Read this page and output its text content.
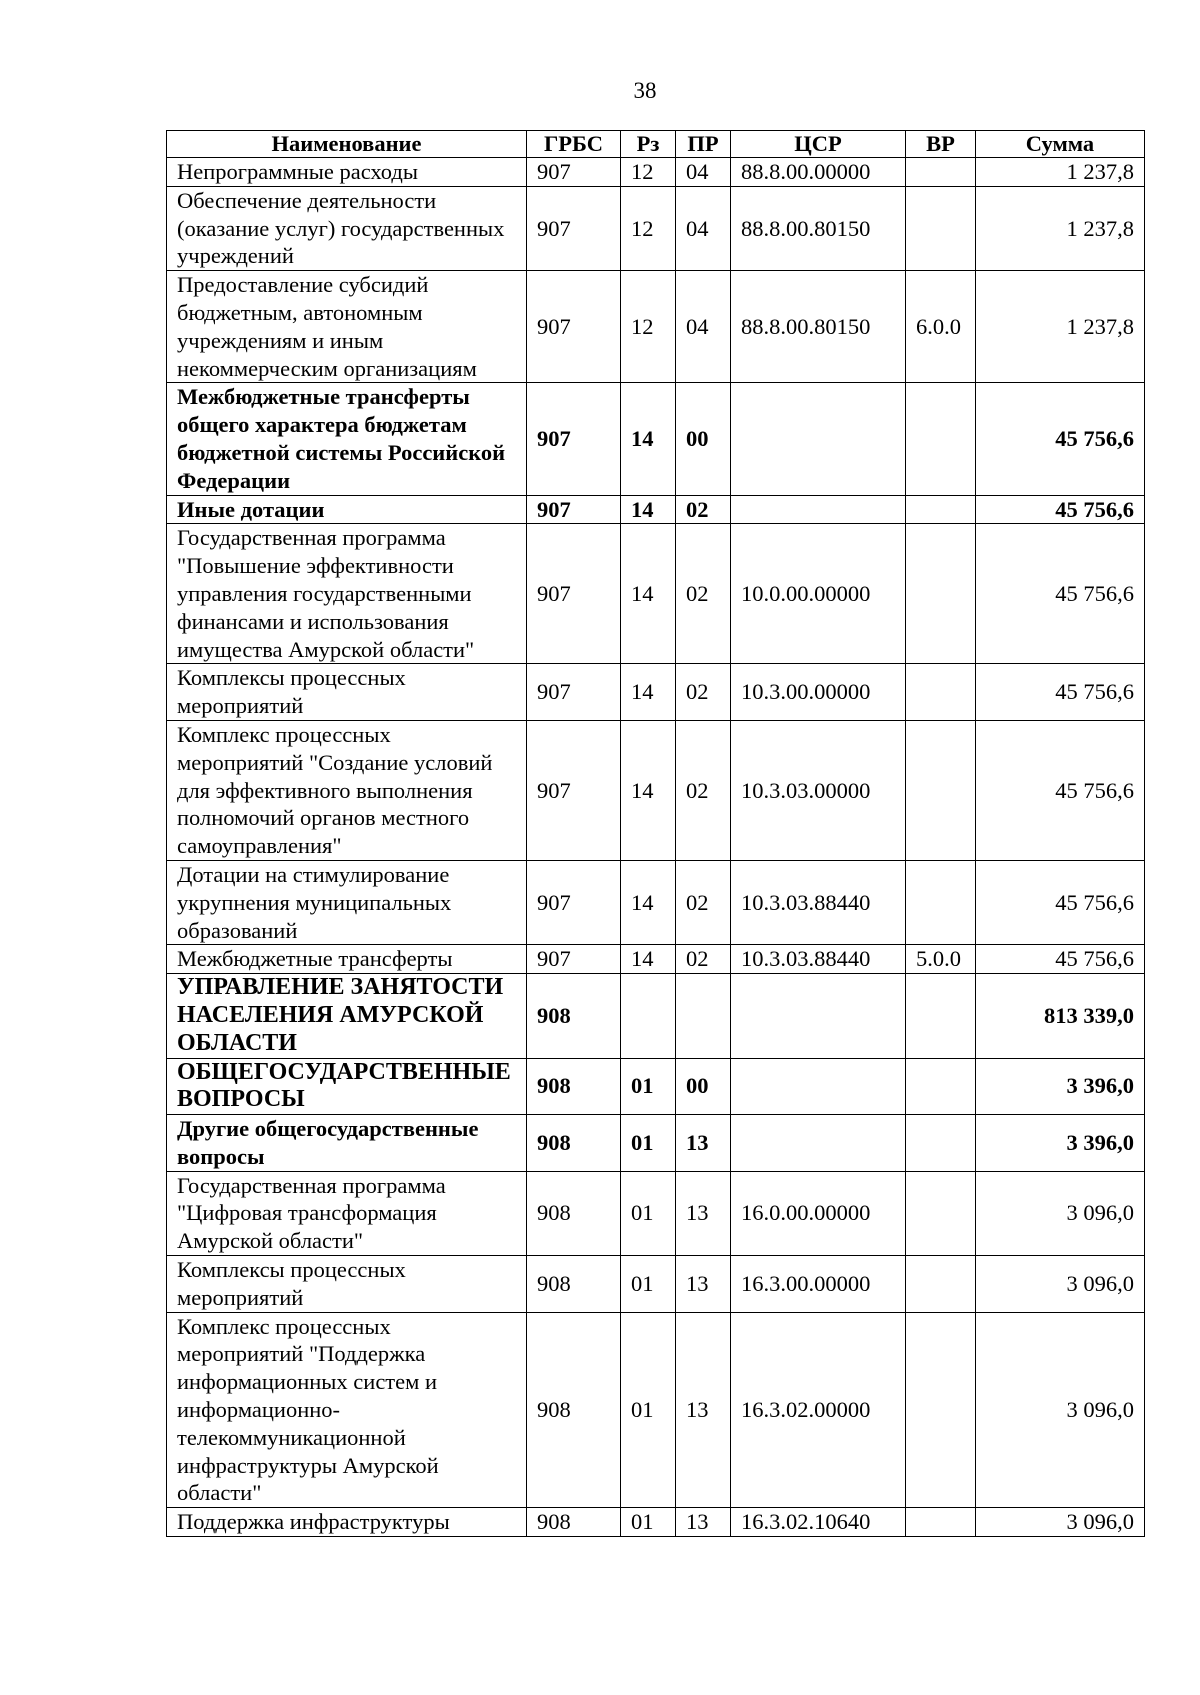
38
Наименование	ГРБС	Рз	ПР	ЦСР	ВР	Сумма
Непрограммные расходы	907	12	04	88.8.00.00000		1 237,8
Обеспечение деятельности (оказание услуг) государственных учреждений	907	12	04	88.8.00.80150		1 237,8
Предоставление субсидий бюджетным, автономным учреждениям и иным некоммерческим организациям	907	12	04	88.8.00.80150	6.0.0	1 237,8
Межбюджетные трансферты общего характера бюджетам бюджетной системы Российской Федерации	907	14	00			45 756,6
Иные дотации	907	14	02			45 756,6
Государственная программа "Повышение эффективности управления государственными финансами и использования имущества Амурской области"	907	14	02	10.0.00.00000		45 756,6
Комплексы процессных мероприятий	907	14	02	10.3.00.00000		45 756,6
Комплекс процессных мероприятий "Создание условий для эффективного выполнения полномочий органов местного самоуправления"	907	14	02	10.3.03.00000		45 756,6
Дотации на стимулирование укрупнения муниципальных образований	907	14	02	10.3.03.88440		45 756,6
Межбюджетные трансферты	907	14	02	10.3.03.88440	5.0.0	45 756,6
УПРАВЛЕНИЕ ЗАНЯТОСТИ НАСЕЛЕНИЯ АМУРСКОЙ ОБЛАСТИ	908					813 339,0
ОБЩЕГОСУДАРСТВЕННЫЕ ВОПРОСЫ	908	01	00			3 396,0
Другие общегосударственные вопросы	908	01	13			3 396,0
Государственная программа "Цифровая трансформация Амурской области"	908	01	13	16.0.00.00000		3 096,0
Комплексы процессных мероприятий	908	01	13	16.3.00.00000		3 096,0
Комплекс процессных мероприятий "Поддержка информационных систем и информационно-телекоммуникационной инфраструктуры Амурской области"	908	01	13	16.3.02.00000		3 096,0
Поддержка инфраструктуры	908	01	13	16.3.02.10640		3 096,0
